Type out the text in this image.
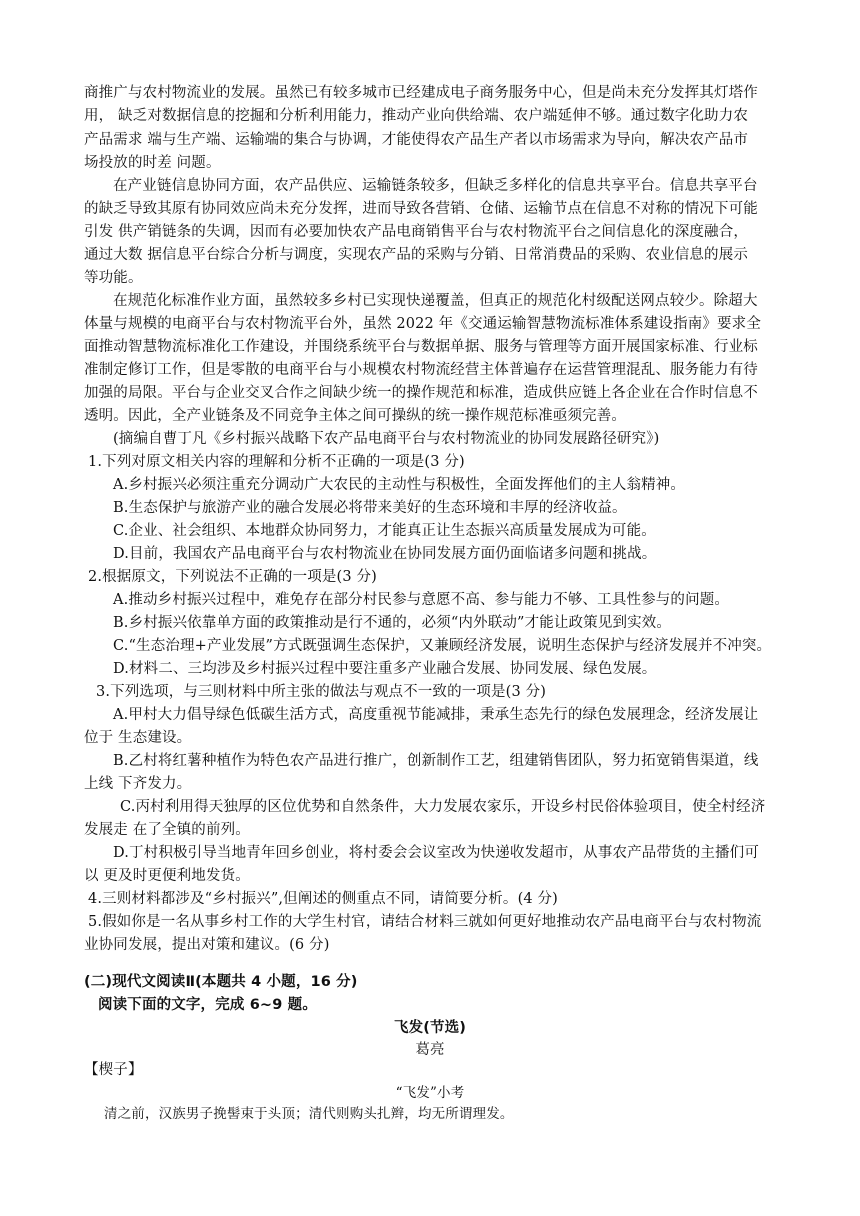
商推广与农村物流业的发展。虽然已有较多城市已经建成电子商务服务中心，但是尚未充分发挥其灯塔作
用， 缺乏对数据信息的挖掘和分析利用能力，推动产业向供给端、农户端延伸不够。通过数字化助力农
产品需求 端与生产端、运输端的集合与协调，才能使得农产品生产者以市场需求为导向，解决农产品市
场投放的时差 问题。
在产业链信息协同方面，农产品供应、运输链条较多，但缺乏多样化的信息共享平台。信息共享平台
的缺乏导致其原有协同效应尚未充分发挥，进而导致各营销、仓储、运输节点在信息不对称的情况下可能
引发 供产销链条的失调，因而有必要加快农产品电商销售平台与农村物流平台之间信息化的深度融合，
通过大数 据信息平台综合分析与调度，实现农产品的采购与分销、日常消费品的采购、农业信息的展示
等功能。
在规范化标准作业方面，虽然较多乡村已实现快递覆盖，但真正的规范化村级配送网点较少。除超大
体量与规模的电商平台与农村物流平台外，虽然 2022 年《交通运输智慧物流标准体系建设指南》要求全
面推动智慧物流标准化工作建设，并围绕系统平台与数据单据、服务与管理等方面开展国家标准、行业标
准制定修订工作，但是零散的电商平台与小规模农村物流经营主体普遍存在运营管理混乱、服务能力有待
加强的局限。平台与企业交叉合作之间缺少统一的操作规范和标准，造成供应链上各企业在合作时信息不
透明。因此，全产业链条及不同竞争主体之间可操纵的统一操作规范标准亟须完善。
(摘编自曹丁凡《乡村振兴战略下农产品电商平台与农村物流业的协同发展路径研究》)
1.下列对原文相关内容的理解和分析不正确的一项是(3 分)
A.乡村振兴必须注重充分调动广大农民的主动性与积极性，全面发挥他们的主人翁精神。
B.生态保护与旅游产业的融合发展必将带来美好的生态环境和丰厚的经济收益。
C.企业、社会组织、本地群众协同努力，才能真正让生态振兴高质量发展成为可能。
D.目前，我国农产品电商平台与农村物流业在协同发展方面仍面临诸多问题和挑战。
2.根据原文，下列说法不正确的一项是(3 分)
A.推动乡村振兴过程中，难免存在部分村民参与意愿不高、参与能力不够、工具性参与的问题。
B.乡村振兴依靠单方面的政策推动是行不通的，必须“内外联动”才能让政策见到实效。
C.“生态治理+产业发展”方式既强调生态保护，又兼顾经济发展，说明生态保护与经济发展并不冲突。
D.材料二、三均涉及乡村振兴过程中要注重多产业融合发展、协同发展、绿色发展。
3.下列选项，与三则材料中所主张的做法与观点不一致的一项是(3 分)
A.甲村大力倡导绿色低碳生活方式，高度重视节能减排，秉承生态先行的绿色发展理念，经济发展让
位于 生态建设。
B.乙村将红薯种植作为特色农产品进行推广，创新制作工艺，组建销售团队，努力拓宽销售渠道，线
上线 下齐发力。
C.丙村利用得天独厚的区位优势和自然条件，大力发展农家乐，开设乡村民俗体验项目，使全村经济
发展走 在了全镇的前列。
D.丁村积极引导当地青年回乡创业，将村委会会议室改为快递收发超市，从事农产品带货的主播们可
以 更及时更便利地发货。
4.三则材料都涉及“乡村振兴”,但阐述的侧重点不同，请简要分析。(4 分)
5.假如你是一名从事乡村工作的大学生村官，请结合材料三就如何更好地推动农产品电商平台与农村物流
业协同发展，提出对策和建议。(6 分)
(二)现代文阅读Ⅱ(本题共 4 小题，16 分)
阅读下面的文字，完成 6~9 题。
飞发(节选)
葛亮
【楔子】
“飞发”小考
清之前，汉族男子挽髻束于头顶；清代则购头扎辫，均无所谓理发。
